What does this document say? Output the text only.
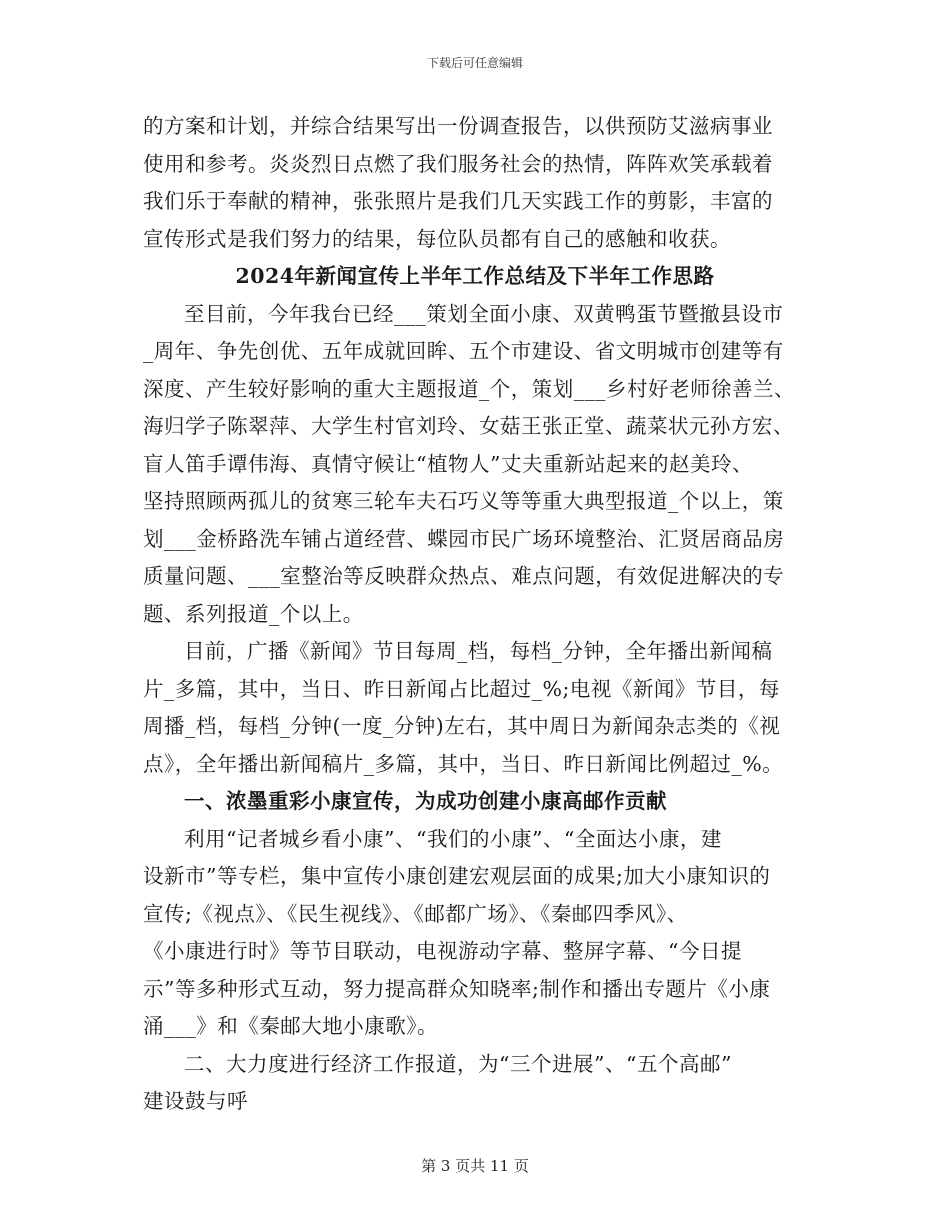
下载后可任意编辑
的方案和计划，并综合结果写出一份调查报告，以供预防艾滋病事业
使用和参考。炎炎烈日点燃了我们服务社会的热情，阵阵欢笑承载着
我们乐于奉献的精神，张张照片是我们几天实践工作的剪影，丰富的
宣传形式是我们努力的结果，每位队员都有自己的感触和收获。
2024年新闻宣传上半年工作总结及下半年工作思路
至目前，今年我台已经___策划全面小康、双黄鸭蛋节暨撤县设市
_周年、争先创优、五年成就回眸、五个市建设、省文明城市创建等有
深度、产生较好影响的重大主题报道_个，策划___乡村好老师徐善兰、
海归学子陈翠萍、大学生村官刘玲、女菇王张正堂、蔬菜状元孙方宏、
盲人笛手谭伟海、真情守候让“植物人”丈夫重新站起来的赵美玲、
坚持照顾两孤儿的贫寒三轮车夫石巧义等等重大典型报道_个以上，策
划___金桥路洗车铺占道经营、蝶园市民广场环境整治、汇贤居商品房
质量问题、___室整治等反映群众热点、难点问题，有效促进解决的专
题、系列报道_个以上。
目前，广播《新闻》节目每周_档，每档_分钟，全年播出新闻稿
片_多篇，其中，当日、昨日新闻占比超过_%;电视《新闻》节目，每
周播_档，每档_分钟(一度_分钟)左右，其中周日为新闻杂志类的《视
点》，全年播出新闻稿片_多篇，其中，当日、昨日新闻比例超过_%。
一、浓墨重彩小康宣传，为成功创建小康高邮作贡献
利用“记者城乡看小康”、“我们的小康”、“全面达小康，建
设新市”等专栏，集中宣传小康创建宏观层面的成果;加大小康知识的
宣传;《视点》、《民生视线》、《邮都广场》、《秦邮四季风》、
《小康进行时》等节目联动，电视游动字幕、整屏字幕、“今日提
示”等多种形式互动，努力提高群众知晓率;制作和播出专题片《小康
涌___》和《秦邮大地小康歌》。
二、大力度进行经济工作报道，为“三个进展”、“五个高邮”
建设鼓与呼
第 3 页共 11 页
